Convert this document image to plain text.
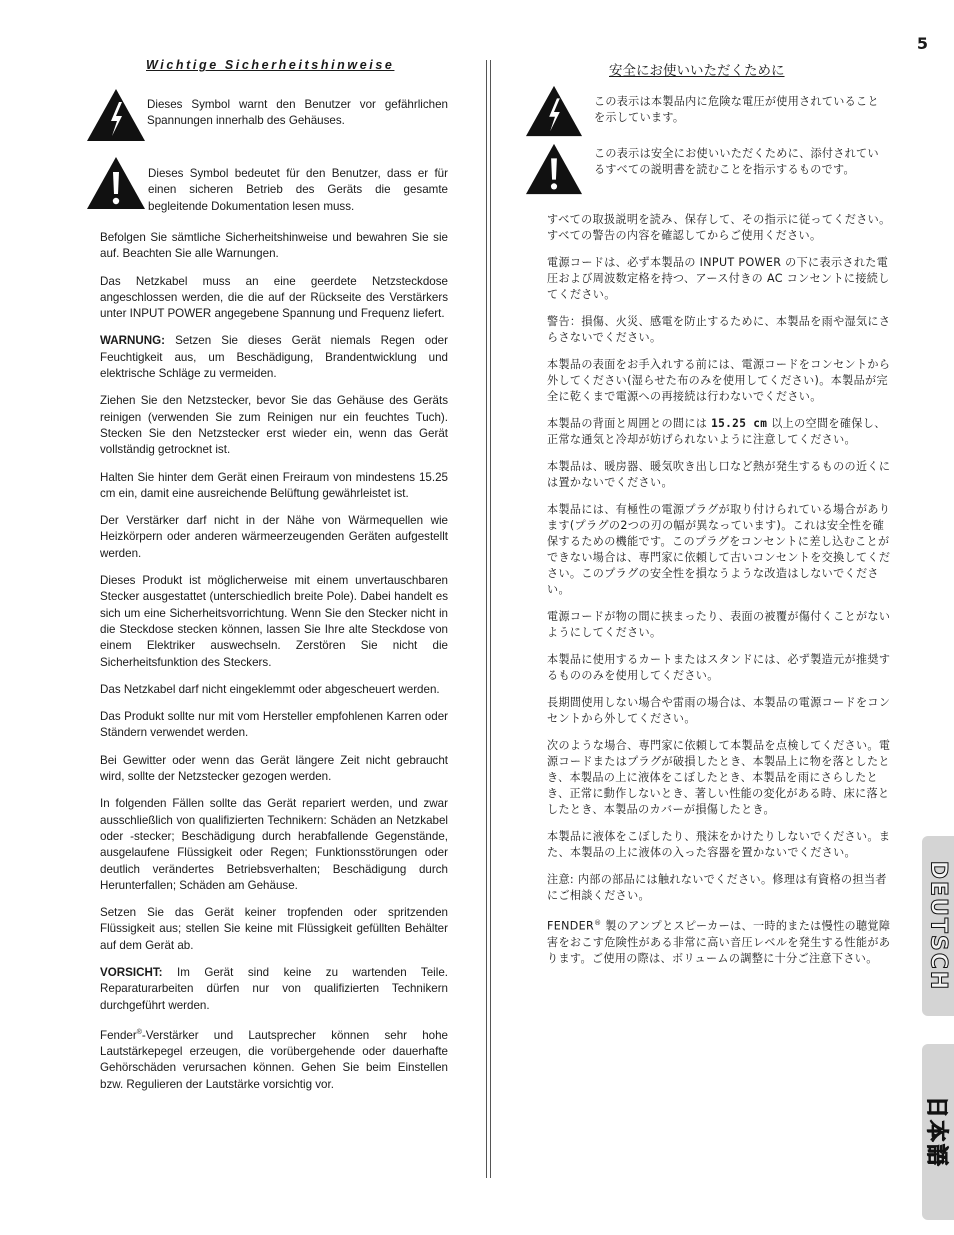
5
Wichtige Sicherheitshinweise
Dieses Symbol warnt den Benutzer vor gefährlichen Spannungen innerhalb des Gehäuses.
Dieses Symbol bedeutet für den Benutzer, dass er für einen sicheren Betrieb des Geräts die gesamte begleitende Dokumentation lesen muss.

Befolgen Sie sämtliche Sicherheitshinweise und bewahren Sie sie auf. Beachten Sie alle Warnungen.

Das Netzkabel muss an eine geerdete Netzsteckdose angeschlossen werden, die die auf der Rückseite des Verstärkers unter INPUT POWER angegebene Spannung und Frequenz liefert.

WARNUNG: Setzen Sie dieses Gerät niemals Regen oder Feuchtigkeit aus, um Beschädigung, Brandentwicklung und elektrische Schläge zu vermeiden.

Ziehen Sie den Netzstecker, bevor Sie das Gehäuse des Geräts reinigen (verwenden Sie zum Reinigen nur ein feuchtes Tuch). Stecken Sie den Netzstecker erst wieder ein, wenn das Gerät vollständig getrocknet ist.

Halten Sie hinter dem Gerät einen Freiraum von mindestens 15.25 cm ein, damit eine ausreichende Belüftung gewährleistet ist.

Der Verstärker darf nicht in der Nähe von Wärmequellen wie Heizkörpern oder anderen wärmeerzeugenden Geräten aufgestellt werden.

Dieses Produkt ist möglicherweise mit einem unvertauschbaren Stecker ausgestattet (unterschiedlich breite Pole). Dabei handelt es sich um eine Sicherheitsvorrichtung. Wenn Sie den Stecker nicht in die Steckdose stecken können, lassen Sie Ihre alte Steckdose von einem Elektriker auswechseln. Zerstören Sie nicht die Sicherheitsfunktion des Steckers.

Das Netzkabel darf nicht eingeklemmt oder abgescheuert werden.

Das Produkt sollte nur mit vom Hersteller empfohlenen Karren oder Ständern verwendet werden.

Bei Gewitter oder wenn das Gerät längere Zeit nicht gebraucht wird, sollte der Netzstecker gezogen werden.

In folgenden Fällen sollte das Gerät repariert werden, und zwar ausschließlich von qualifizierten Technikern: Schäden an Netzkabel oder -stecker; Beschädigung durch herabfallende Gegenstände, ausgelaufene Flüssigkeit oder Regen; Funktionsstörungen oder deutlich verändertes Betriebsverhalten; Beschädigung durch Herunterfallen; Schäden am Gehäuse.

Setzen Sie das Gerät keiner tropfenden oder spritzenden Flüssigkeit aus; stellen Sie keine mit Flüssigkeit gefüllten Behälter auf dem Gerät ab.

VORSICHT: Im Gerät sind keine zu wartenden Teile. Reparaturarbeiten dürfen nur von qualifizierten Technikern durchgeführt werden.

Fender®-Verstärker und Lautsprecher können sehr hohe Lautstärkepegel erzeugen, die vorübergehende oder dauerhafte Gehörschäden verursachen können. Gehen Sie beim Einstellen bzw. Regulieren der Lautstärke vorsichtig vor.

安全にお使いいただくために
この表示は本製品内に危険な電圧が使用されていることを示しています。
この表示は安全にお使いいただくために、添付されているすべての説明書を読むことを指示するものです。

すべての取扱説明を読み、保存して、その指示に従ってください。すべての警告の内容を確認してからご使用ください。

電源コードは、必ず本製品の INPUT POWER の下に表示された電圧および周波数定格を持つ、アース付きの AC コンセントに接続してください。

警告：損傷、火災、感電を防止するために、本製品を雨や湿気にさらさないでください。

本製品の表面をお手入れする前には、電源コードをコンセントから外してください(湿らせた布のみを使用してください)。本製品が完全に乾くまで電源への再接続は行わないでください。

本製品の背面と周囲との間には 15.25 cm 以上の空間を確保し、正常な通気と冷却が妨げられないように注意してください。

本製品は、暖房器、暖気吹き出し口など熱が発生するものの近くには置かないでください。

本製品には、有極性の電源プラグが取り付けられている場合があります(プラグの2つの刃の幅が異なっています)。これは安全性を確保するための機能です。このプラグをコンセントに差し込むことができない場合は、専門家に依頼して古いコンセントを交換してください。このプラグの安全性を損なうような改造はしないでください。

電源コードが物の間に挟まったり、表面の被覆が傷付くことがないようにしてください。

本製品に使用するカートまたはスタンドには、必ず製造元が推奨するもののみを使用してください。

長期間使用しない場合や雷雨の場合は、本製品の電源コードをコンセントから外してください。

次のような場合、専門家に依頼して本製品を点検してください。電源コードまたはプラグが破損したとき、本製品上に物を落としたとき、本製品の上に液体をこぼしたとき、本製品を雨にさらしたとき、正常に動作しないとき、著しい性能の変化がある時、床に落としたとき、本製品のカバーが損傷したとき。

本製品に液体をこぼしたり、飛沫をかけたりしないでください。また、本製品の上に液体の入った容器を置かないでください。

注意: 内部の部品には触れないでください。修理は有資格の担当者にご相談ください。

FENDER® 製のアンプとスピーカーは、一時的または慢性の聴覚障害をおこす危険性がある非常に高い音圧レベルを発生する性能があります。ご使用の際は、ボリュームの調整に十分ご注意下さい。	DEUTSCH
日本語
